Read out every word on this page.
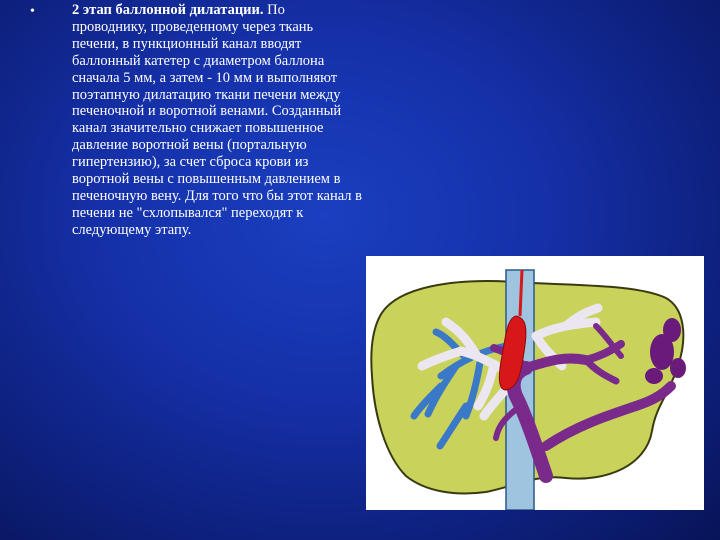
•	2 этап баллонной дилатации. По проводнику, проведенному через ткань печени, в пункционный канал вводят баллонный катетер с диаметром баллона сначала 5 мм, а затем - 10 мм и выполняют поэтапную дилатацию ткани печени между печеночной и воротной венами. Созданный канал значительно снижает повышенное давление воротной вены (портальную гипертензию), за счет сброса крови из воротной вены с повышенным давлением в печеночную вену. Для того что бы этот канал в печени не "схлопывался" переходят к следующему этапу.
